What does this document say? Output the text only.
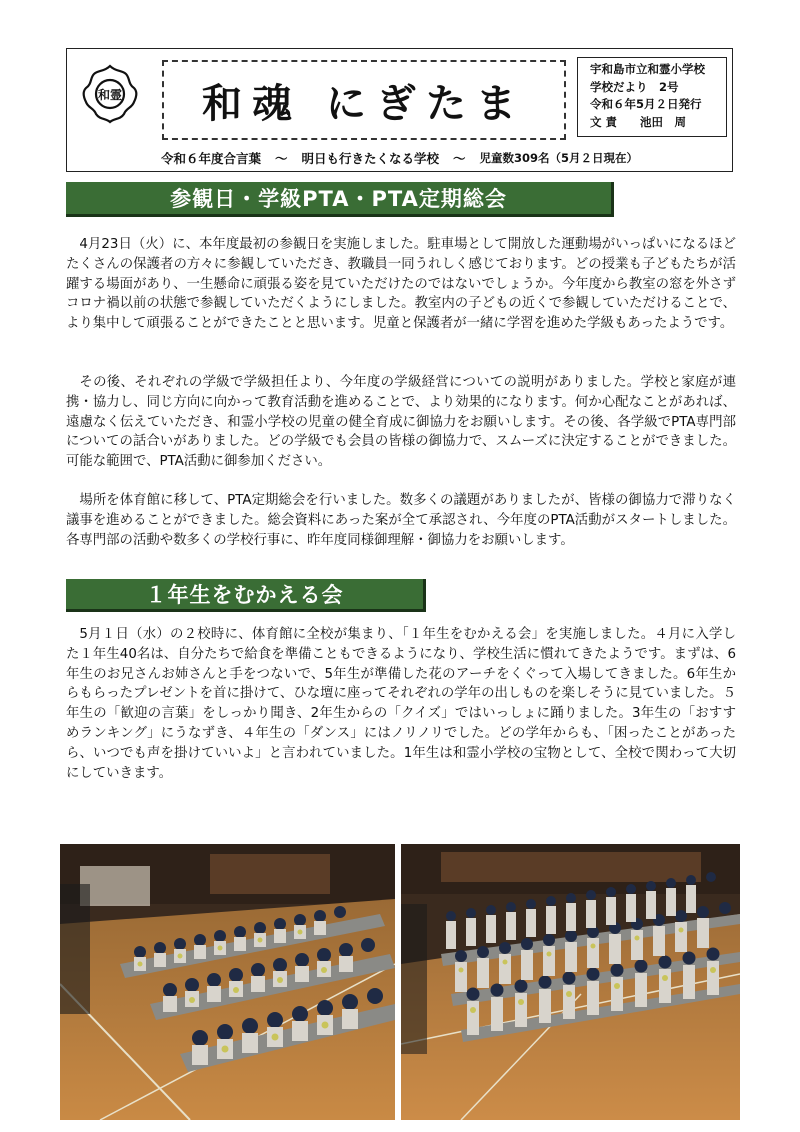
和霊	和魂 にぎたま
宇和島市立和霊小学校
学校だより　2号
令和６年5月２日発行
文 責　　池田　周
令和６年度合言葉 ～ 明日も行きたくなる学校 ～ 児童数309名（5月２日現在）
参観日・学級PTA・PTA定期総会

4月23日（火）に、本年度最初の参観日を実施しました。駐車場として開放した運動場がいっぱいになるほどたくさんの保護者の方々に参観していただき、教職員一同うれしく感じております。どの授業も子どもたちが活躍する場面があり、一生懸命に頑張る姿を見ていただけたのではないでしょうか。今年度から教室の窓を外さずコロナ禍以前の状態で参観していただくようにしました。教室内の子どもの近くで参観していただけることで、より集中して頑張ることができたことと思います。児童と保護者が一緒に学習を進めた学級もあったようです。

その後、それぞれの学級で学級担任より、今年度の学級経営についての説明がありました。学校と家庭が連携・協力し、同じ方向に向かって教育活動を進めることで、より効果的になります。何か心配なことがあれば、遠慮なく伝えていただき、和霊小学校の児童の健全育成に御協力をお願いします。その後、各学級でPTA専門部についての話合いがありました。どの学級でも会員の皆様の御協力で、スムーズに決定することができました。可能な範囲で、PTA活動に御参加ください。

場所を体育館に移して、PTA定期総会を行いました。数多くの議題がありましたが、皆様の御協力で滞りなく議事を進めることができました。総会資料にあった案が全て承認され、今年度のPTA活動がスタートしました。各専門部の活動や数多くの学校行事に、昨年度同様御理解・御協力をお願いします。

１年生をむかえる会

5月１日（水）の２校時に、体育館に全校が集まり、「１年生をむかえる会」を実施しました。４月に入学した１年生40名は、自分たちで給食を準備こともできるようになり、学校生活に慣れてきたようです。まずは、6年生のお兄さんお姉さんと手をつないで、5年生が準備した花のアーチをくぐって入場してきました。6年生からもらったプレゼントを首に掛けて、ひな壇に座ってそれぞれの学年の出しものを楽しそうに見ていました。５年生の「歓迎の言葉」をしっかり聞き、2年生からの「クイズ」ではいっしょに踊りました。3年生の「おすすめランキング」にうなずき、４年生の「ダンス」にはノリノリでした。どの学年からも、「困ったことがあったら、いつでも声を掛けていいよ」と言われていました。1年生は和霊小学校の宝物として、全校で関わって大切にしていきます。
